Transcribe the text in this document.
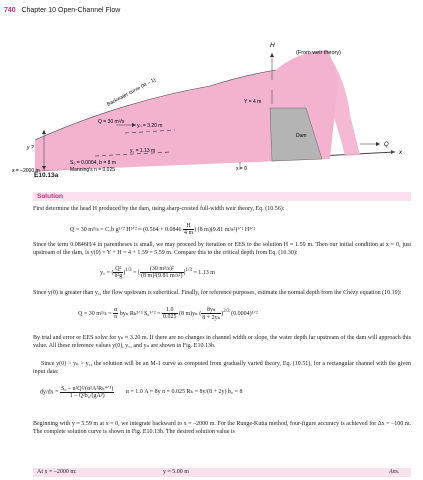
740 Chapter 10 Open-Channel Flow
H
(From weir theory)
Backwater curve (M – 1)
yₙ = 3.20 m
Y = 4 m
Q = 30 m³/s
y ?	y꜀ = 1.13 m
Dam
Q
x
S₀ = 0.0004, b = 8 m
Manning's n = 0.025
x = –2000 m	x = 0
E10.13a
Solution
First determine the head H produced by the dam, using sharp-crested full-width weir theory, Eq. (10.56):
Q = 30 m³/s = C꜀b g¹ᐟ² H³ᐟ² ≈ ($0.564 + 0.0846 \frac{H}{4 m}$ ) (8 m)(9.81 m/s²)¹ᐟ² H³ᐟ²
Since the term 0.0846H/4 in parentheses is small, we may proceed by iteration or EES to the solution H ≈ 1.59 m. Then our initial condition at x = 0, just upstream of the dam, is y(0) = Y + H = 4 + 1.59 = 5.59 m. Compare this to the critical depth from Eq. (10.30):
y꜀ = ( $\frac{\text{Q²}}{\text{b²g}} )^{1/3}$ = [ $\frac{\text{(30 m³/s)²}}{\text{(8 m)²(9.81 m/s²)}} ]^{1/3} = 1.13$ m
Since y(0) is greater than y꜀, the flow upstream is subcritical. Finally, for reference purposes, estimate the normal depth from the Chézy equation (10.19):
Q = 30 $m^3/s = \frac{\alpha}{n}$ byₙ Rₕ²ᐟ³ S₀¹ᐟ² = $\frac{1.0}{0.025} (8$ m)yₙ ( $\frac{\text{8yₙ}}{\text{8 + 2yₙ}} )^{2/3}$ (0.0004)¹ᐟ²
By trial and error or EES solve for yₙ ≈ 3.20 m. If there are no changes in channel width or slope, the water depth far upstream of the dam will approach this value. All these reference values y(0), y꜀, and yₙ are shown in Fig. E10.13b.
Since y(0) > yₙ > y꜀, the solution will be an M-1 curve as computed from gradually varied theory, Eq. (10.51), for a rectangular channel with the given input data:
$dy/dx = \frac{\text{S₀ – n²Q²/(α²A²Rₕ⁴ᐟ³)}}{\text{1 – Q²b₀/(gA³)}}$ α = 1.0 A = 8y n = 0.025 Rₕ = 8y/(8 + 2y) b₀ = 8
Beginning with y ≈ 5.59 m at x = 0, we integrate backward to x = –2000 m. For the Runge-Kutta method, four-figure accuracy is achieved for Δx = –100 m. The complete solution curve is shown in Fig. E10.13b. The desired solution value is
At x = –2000 m:	y ≈ 5.00 m	Ans.
